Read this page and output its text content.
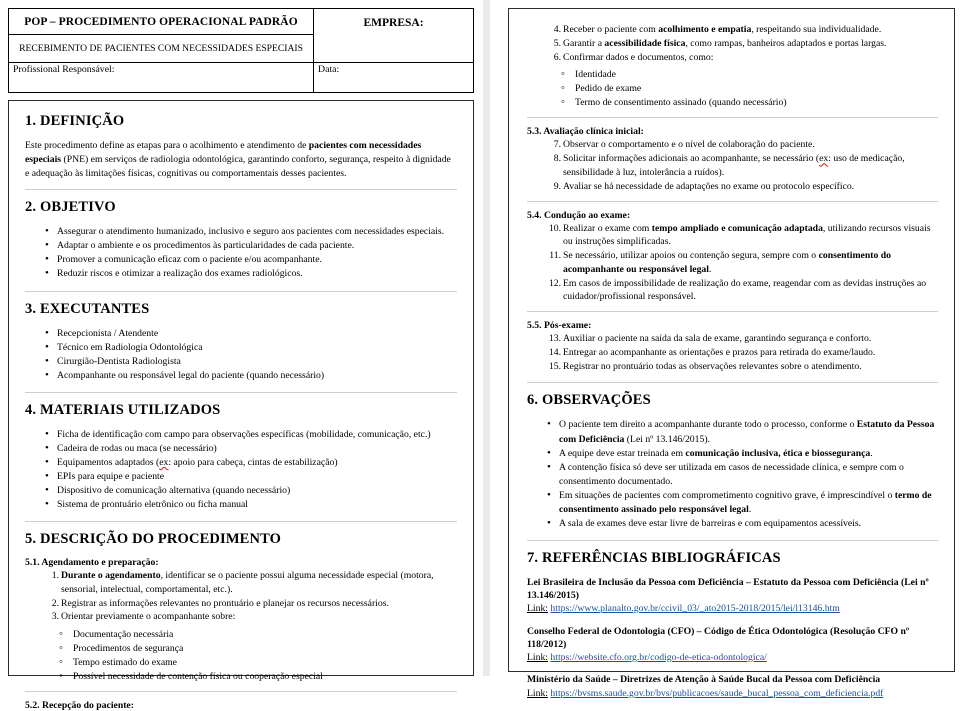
POP – PROCEDIMENTO OPERACIONAL PADRÃO	EMPRESA:
RECEBIMENTO DE PACIENTES COM NECESSIDADES ESPECIAIS	
Profissional Responsável:	Data:
1. DEFINIÇÃO

Este procedimento define as etapas para o acolhimento e atendimento de pacientes com necessidades especiais (PNE) em serviços de radiologia odontológica, garantindo conforto, segurança, respeito à dignidade e adequação às limitações físicas, cognitivas ou comportamentais desses pacientes.

2. OBJETIVO
• Assegurar o atendimento humanizado, inclusivo e seguro aos pacientes com necessidades especiais.
• Adaptar o ambiente e os procedimentos às particularidades de cada paciente.
• Promover a comunicação eficaz com o paciente e/ou acompanhante.
• Reduzir riscos e otimizar a realização dos exames radiológicos.
3. EXECUTANTES
• Recepcionista / Atendente
• Técnico em Radiologia Odontológica
• Cirurgião-Dentista Radiologista
• Acompanhante ou responsável legal do paciente (quando necessário)
4. MATERIAIS UTILIZADOS
• Ficha de identificação com campo para observações específicas (mobilidade, comunicação, etc.)
• Cadeira de rodas ou maca (se necessário)
• Equipamentos adaptados (ex: apoio para cabeça, cintas de estabilização)
• EPIs para equipe e paciente
• Dispositivo de comunicação alternativa (quando necessário)
• Sistema de prontuário eletrônico ou ficha manual
5. DESCRIÇÃO DO PROCEDIMENTO
5.1. Agendamento e preparação:
1. Durante o agendamento, identificar se o paciente possui alguma necessidade especial (motora, sensorial, intelectual, comportamental, etc.).
2. Registrar as informações relevantes no prontuário e planejar os recursos necessários.
3. Orientar previamente o acompanhante sobre:
◦ Documentação necessária
◦ Procedimentos de segurança
◦ Tempo estimado do exame
◦ Possível necessidade de contenção física ou cooperação especial
5.2. Recepção do paciente:
4. Receber o paciente com acolhimento e empatia, respeitando sua individualidade.
5. Garantir a acessibilidade física, como rampas, banheiros adaptados e portas largas.
6. Confirmar dados e documentos, como:
◦ Identidade
◦ Pedido de exame
◦ Termo de consentimento assinado (quando necessário)
5.3. Avaliação clínica inicial:
7. Observar o comportamento e o nível de colaboração do paciente.
8. Solicitar informações adicionais ao acompanhante, se necessário (ex: uso de medicação, sensibilidade à luz, intolerância a ruídos).
9. Avaliar se há necessidade de adaptações no exame ou protocolo específico.
5.4. Condução ao exame:
10. Realizar o exame com tempo ampliado e comunicação adaptada, utilizando recursos visuais ou instruções simplificadas.
11. Se necessário, utilizar apoios ou contenção segura, sempre com o consentimento do acompanhante ou responsável legal.
12. Em casos de impossibilidade de realização do exame, reagendar com as devidas instruções ao cuidador/profissional responsável.
5.5. Pós-exame:
13. Auxiliar o paciente na saída da sala de exame, garantindo segurança e conforto.
14. Entregar ao acompanhante as orientações e prazos para retirada do exame/laudo.
15. Registrar no prontuário todas as observações relevantes sobre o atendimento.
6. OBSERVAÇÕES
• O paciente tem direito a acompanhante durante todo o processo, conforme o Estatuto da Pessoa com Deficiência (Lei nº 13.146/2015).
• A equipe deve estar treinada em comunicação inclusiva, ética e biossegurança.
• A contenção física só deve ser utilizada em casos de necessidade clínica, e sempre com o consentimento documentado.
• Em situações de pacientes com comprometimento cognitivo grave, é imprescindível o termo de consentimento assinado pelo responsável legal.
• A sala de exames deve estar livre de barreiras e com equipamentos acessíveis.
7. REFERÊNCIAS BIBLIOGRÁFICAS
Lei Brasileira de Inclusão da Pessoa com Deficiência – Estatuto da Pessoa com Deficiência (Lei nº 13.146/2015)
Link: https://www.planalto.gov.br/ccivil_03/_ato2015-2018/2015/lei/l13146.htm
Conselho Federal de Odontologia (CFO) – Código de Ética Odontológica (Resolução CFO nº 118/2012)
Link: https://website.cfo.org.br/codigo-de-etica-odontologica/
Ministério da Saúde – Diretrizes de Atenção à Saúde Bucal da Pessoa com Deficiência
Link: https://bvsms.saude.gov.br/bvs/publicacoes/saude_bucal_pessoa_com_deficiencia.pdf
